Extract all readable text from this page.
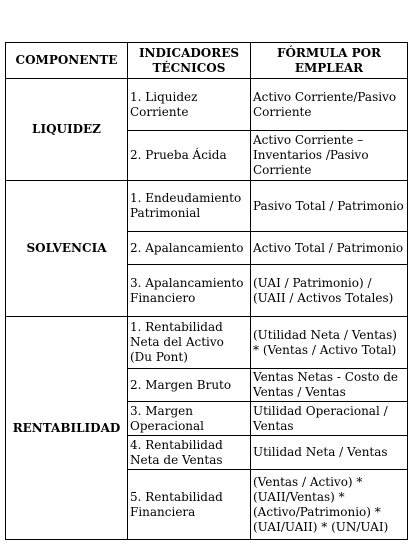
COMPONENTE	INDICADORES TÉCNICOS	FÓRMULA POR EMPLEAR
LIQUIDEZ	1. Liquidez Corriente	Activo Corriente/Pasivo Corriente
	2. Prueba Ácida	Activo Corriente – Inventarios /Pasivo Corriente
SOLVENCIA	1. Endeudamiento Patrimonial	Pasivo Total / Patrimonio
	2. Apalancamiento	Activo Total / Patrimonio
	3. Apalancamiento Financiero	(UAI / Patrimonio) / (UAII / Activos Totales)
RENTABILIDAD	1. Rentabilidad Neta del Activo (Du Pont)	(Utilidad Neta / Ventas) * (Ventas / Activo Total)
	2. Margen Bruto	Ventas Netas - Costo de Ventas / Ventas
	3. Margen Operacional	Utilidad Operacional / Ventas
	4. Rentabilidad Neta de Ventas	Utilidad Neta / Ventas
	5. Rentabilidad Financiera	(Ventas / Activo) * (UAII/Ventas) * (Activo/Patrimonio) * (UAI/UAII) * (UN/UAI)
